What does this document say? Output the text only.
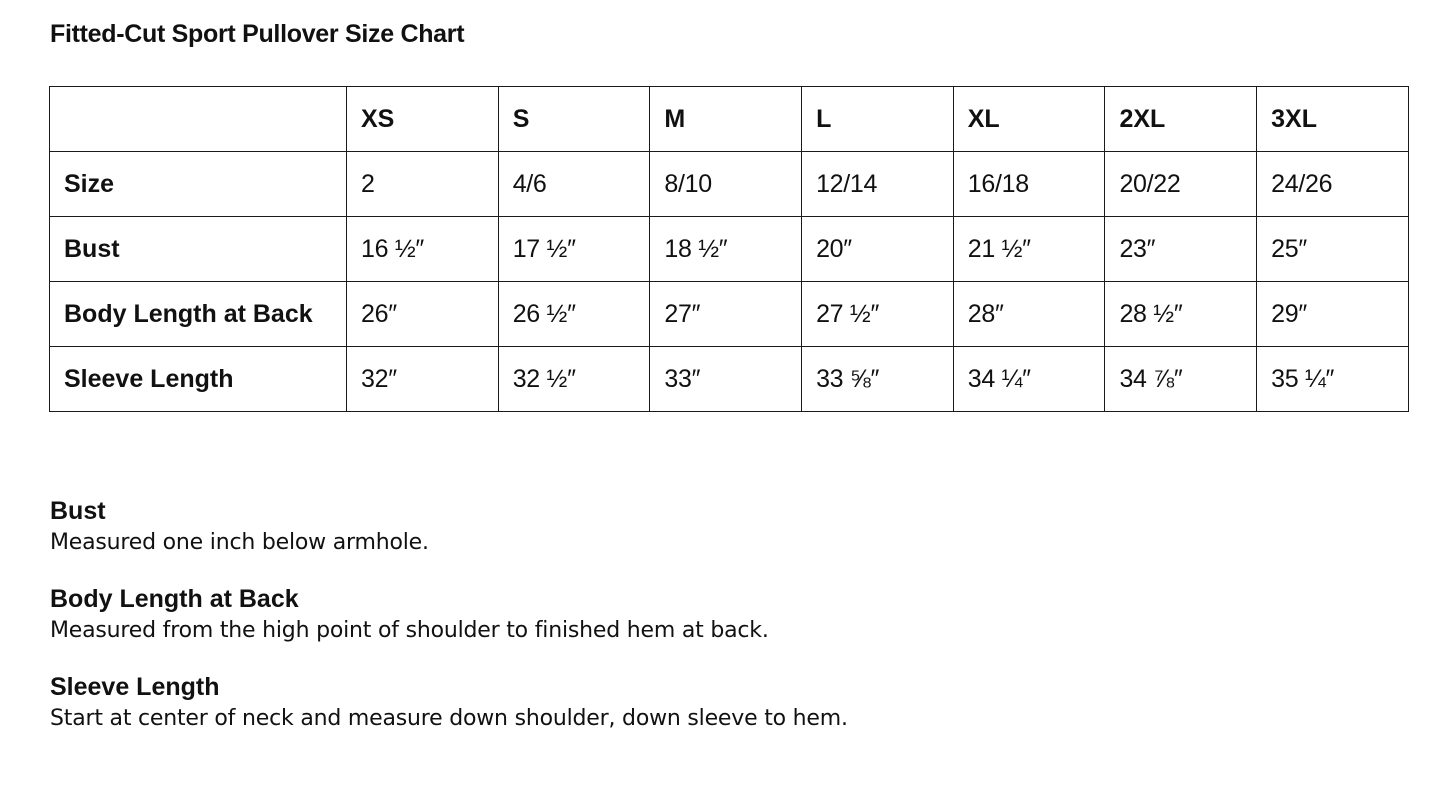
Fitted-Cut Sport Pullover Size Chart
	XS	S	M	L	XL	2XL	3XL
Size	2	4/6	8/10	12/14	16/18	20/22	24/26
Bust	16 ½″	17 ½″	18 ½″	20″	21 ½″	23″	25″
Body Length at Back	26″	26 ½″	27″	27 ½″	28″	28 ½″	29″
Sleeve Length	32″	32 ½″	33″	33 ⅝″	34 ¼″	34 ⅞″	35 ¼″
Bust
Measured one inch below armhole.
Body Length at Back
Measured from the high point of shoulder to finished hem at back.
Sleeve Length
Start at center of neck and measure down shoulder, down sleeve to hem.
